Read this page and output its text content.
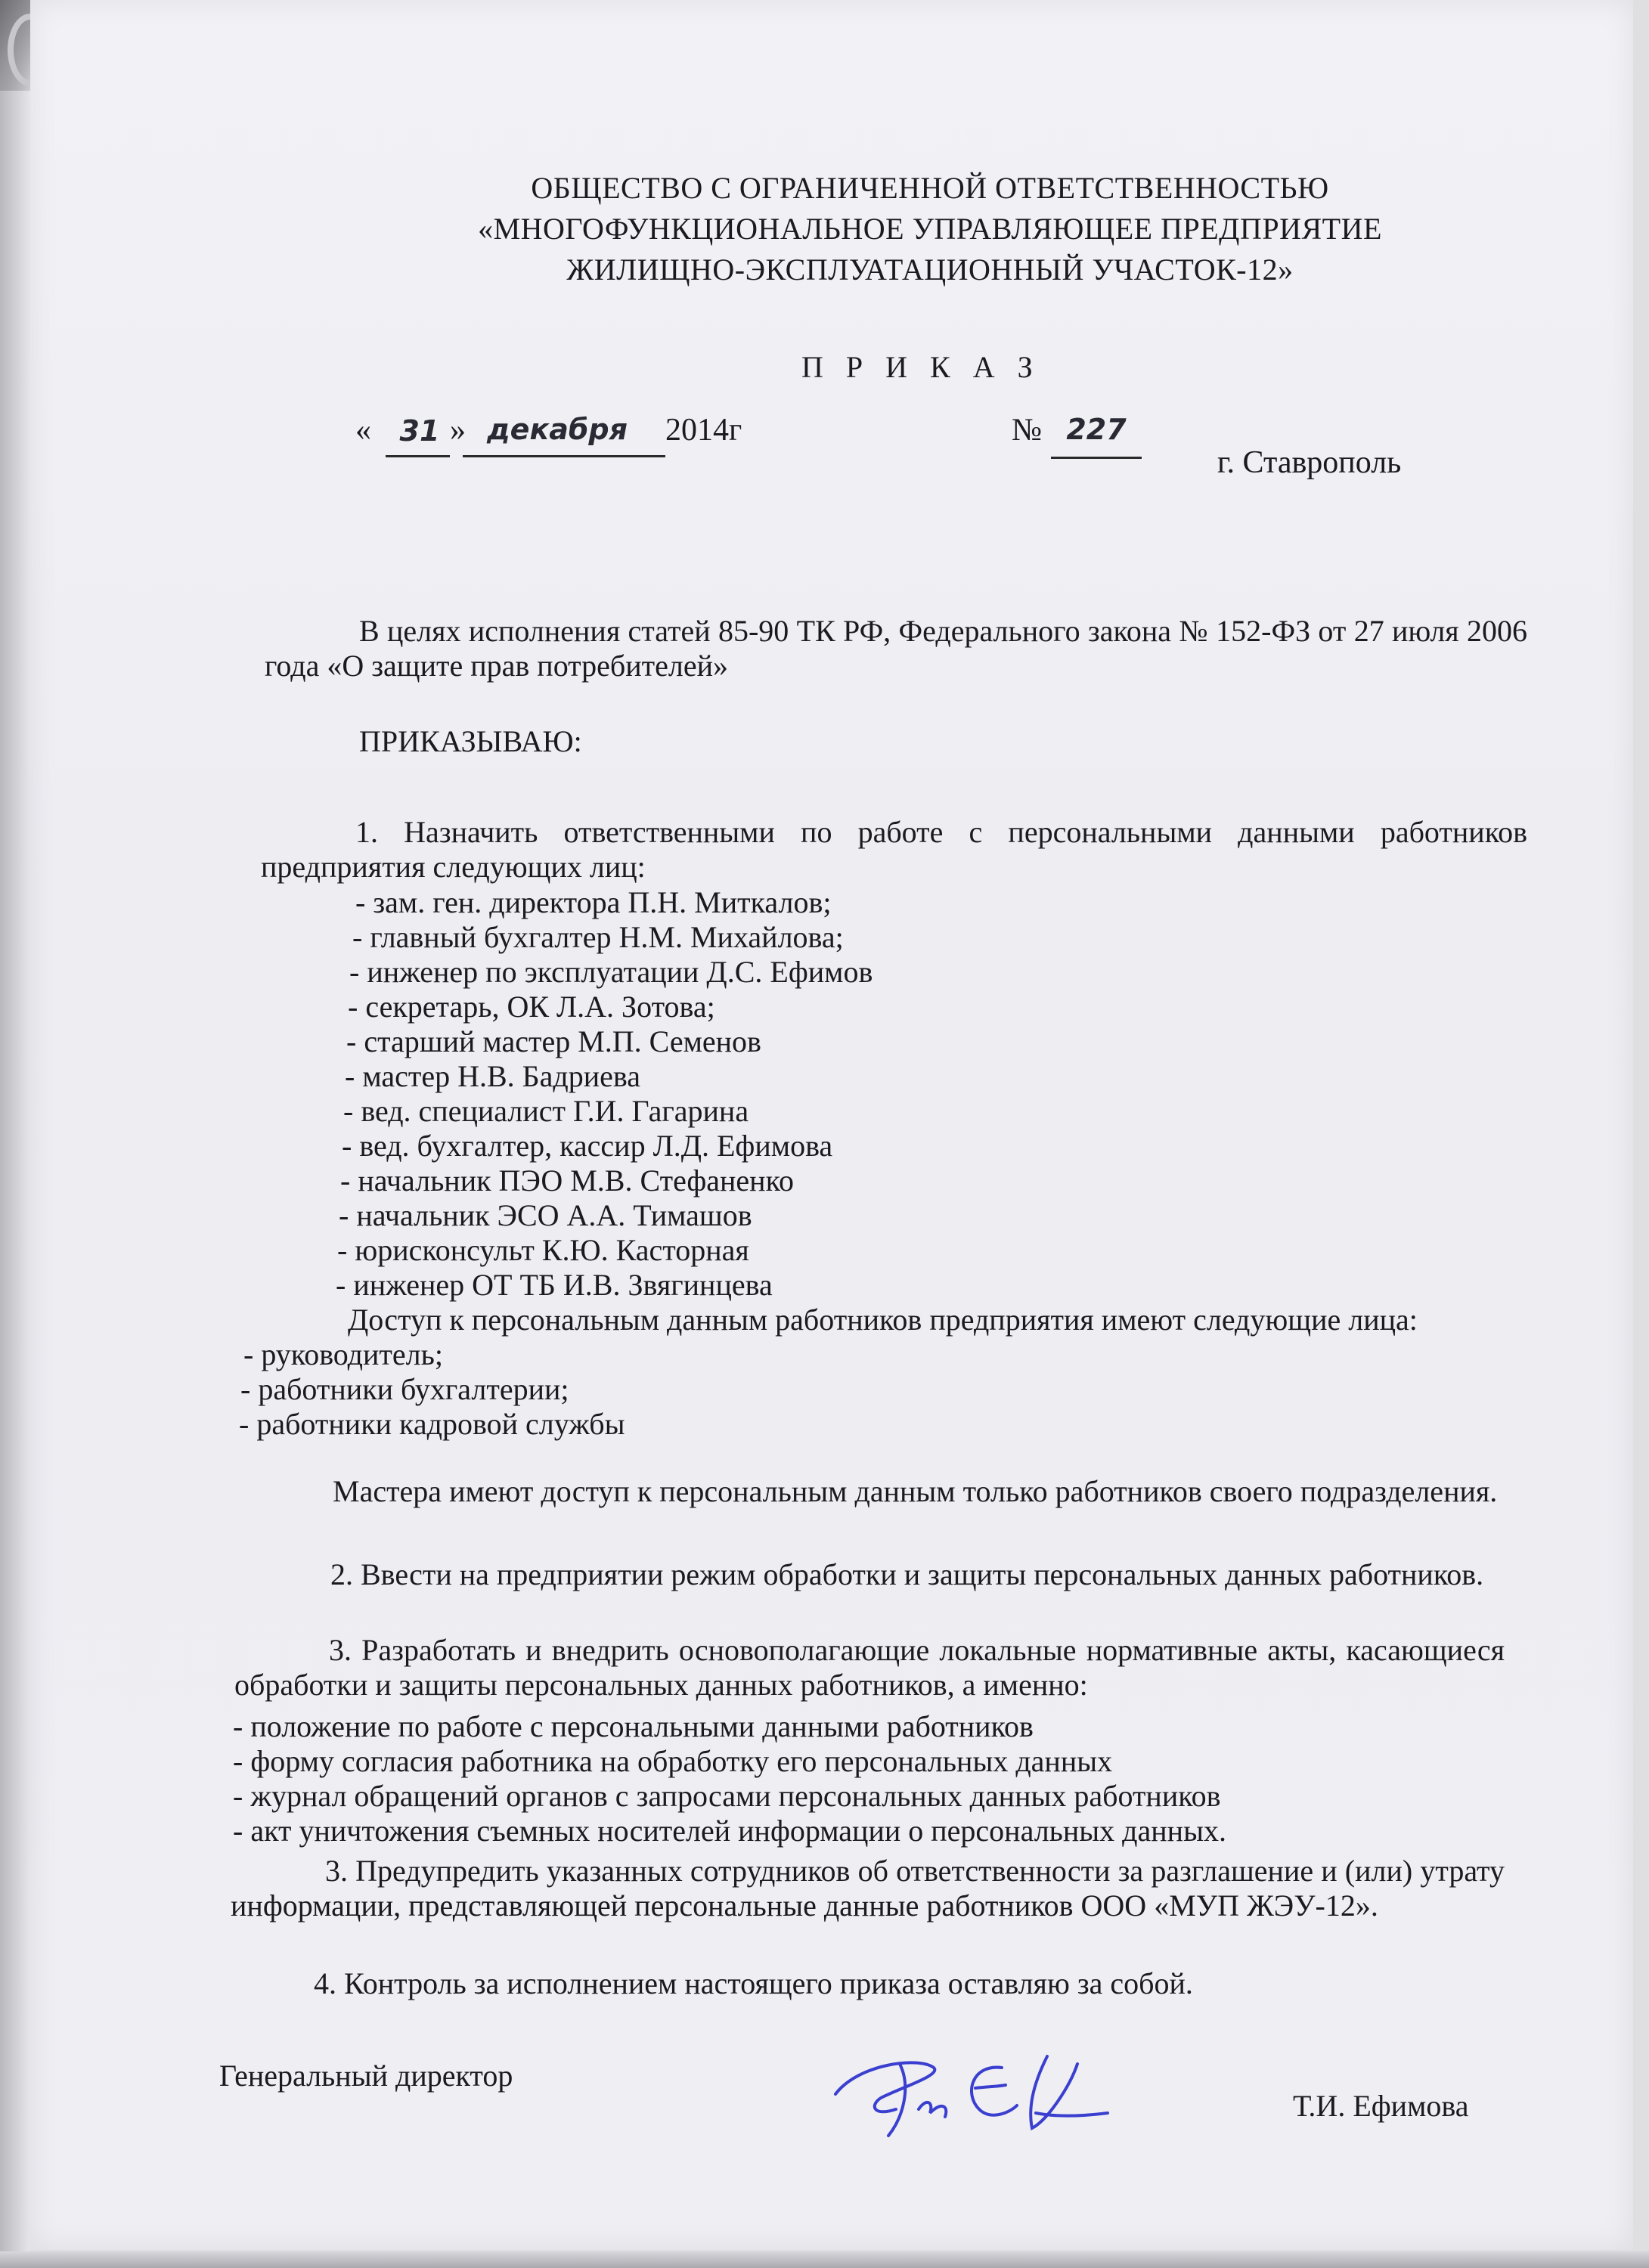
ОБЩЕСТВО С ОГРАНИЧЕННОЙ ОТВЕТСТВЕННОСТЬЮ
«МНОГОФУНКЦИОНАЛЬНОЕ УПРАВЛЯЮЩЕЕ ПРЕДПРИЯТИЕ
ЖИЛИЩНО-ЭКСПЛУАТАЦИОННЫЙ УЧАСТОК-12»
П Р И К А З
« 31 » декабря	2014г	№ 227
г. Ставрополь
В целях исполнения статей 85-90 ТК РФ, Федерального закона № 152-ФЗ от 27 июля 2006 года «О защите прав потребителей»
ПРИКАЗЫВАЮ:
1. Назначить ответственными по работе с персональными данными работников предприятия следующих лиц:
- зам. ген. директора П.Н. Миткалов;
- главный бухгалтер Н.М. Михайлова;
- инженер по эксплуатации Д.С. Ефимов
- секретарь, ОК Л.А. Зотова;
- старший мастер М.П. Семенов
- мастер Н.В. Бадриева
- вед. специалист Г.И. Гагарина
- вед. бухгалтер, кассир Л.Д. Ефимова
- начальник ПЭО М.В. Стефаненко
- начальник ЭСО А.А. Тимашов
- юрисконсульт К.Ю. Касторная
- инженер ОТ ТБ И.В. Звягинцева
Доступ к персональным данным работников предприятия имеют следующие лица:
- руководитель;
- работники бухгалтерии;
- работники кадровой службы
Мастера имеют доступ к персональным данным только работников своего подразделения.
2. Ввести на предприятии режим обработки и защиты персональных данных работников.
3. Разработать и внедрить основополагающие локальные нормативные акты, касающиеся обработки и защиты персональных данных работников, а именно:
- положение по работе с персональными данными работников
- форму согласия работника на обработку его персональных данных
- журнал обращений органов с запросами персональных данных работников
- акт уничтожения съемных носителей информации о персональных данных.
3. Предупредить указанных сотрудников об ответственности за разглашение и (или) утрату информации, представляющей персональные данные работников ООО «МУП ЖЭУ-12».
4. Контроль за исполнением настоящего приказа оставляю за собой.
Генеральный директор
Т.И. Ефимова
